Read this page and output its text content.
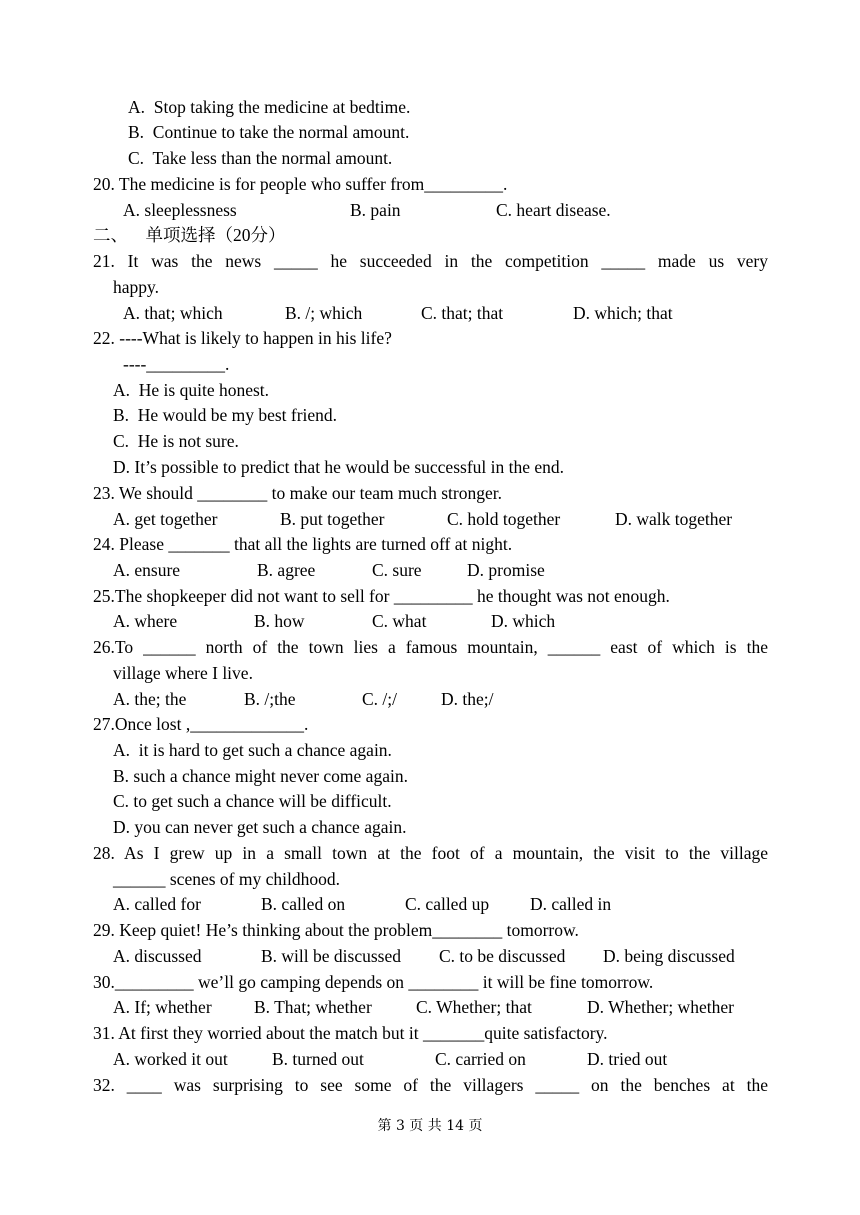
A.  Stop taking the medicine at bedtime.
B.  Continue to take the normal amount.
C.  Take less than the normal amount.
20. The medicine is for people who suffer from_________.
A. sleeplessness	B. pain	C. heart disease.
二、    单项选择（20分）
21. It was the news _____ he succeeded in the competition _____ made us very
happy.
A. that; which	B. /; which	C. that; that	D. which; that
22. ----What is likely to happen in his life?
----_________.
A.  He is quite honest.
B.  He would be my best friend.
C.  He is not sure.
D. It’s possible to predict that he would be successful in the end.
23. We should ________ to make our team much stronger.
A. get together	B. put together	C. hold together	D. walk together
24. Please _______ that all the lights are turned off at night.
A. ensure	B. agree	C. sure	D. promise
25.The shopkeeper did not want to sell for _________ he thought was not enough.
A. where	B. how	C. what	D. which
26.To ______ north of the town lies a famous mountain, ______ east of which is the
village where I live.
A. the; the	B. /;the	C. /;/	D. the;/
27.Once lost ,_____________.
A.  it is hard to get such a chance again.
B. such a chance might never come again.
C. to get such a chance will be difficult.
D. you can never get such a chance again.
28. As I grew up in a small town at the foot of a mountain, the visit to the village
______ scenes of my childhood.
A. called for	B. called on	C. called up D. called in
29. Keep quiet! He’s thinking about the problem________ tomorrow.
A. discussed	B. will be discussed C. to be discussed D. being discussed
30._________ we’ll go camping depends on ________ it will be fine tomorrow.
A. If; whether B. That; whether	C. Whether; that	D. Whether; whether
31. At first they worried about the match but it _______quite satisfactory.
A. worked it out	B. turned out	C. carried on	D. tried out
32. ____ was surprising to see some of the villagers _____ on the benches at the
第 3 页 共 14 页
